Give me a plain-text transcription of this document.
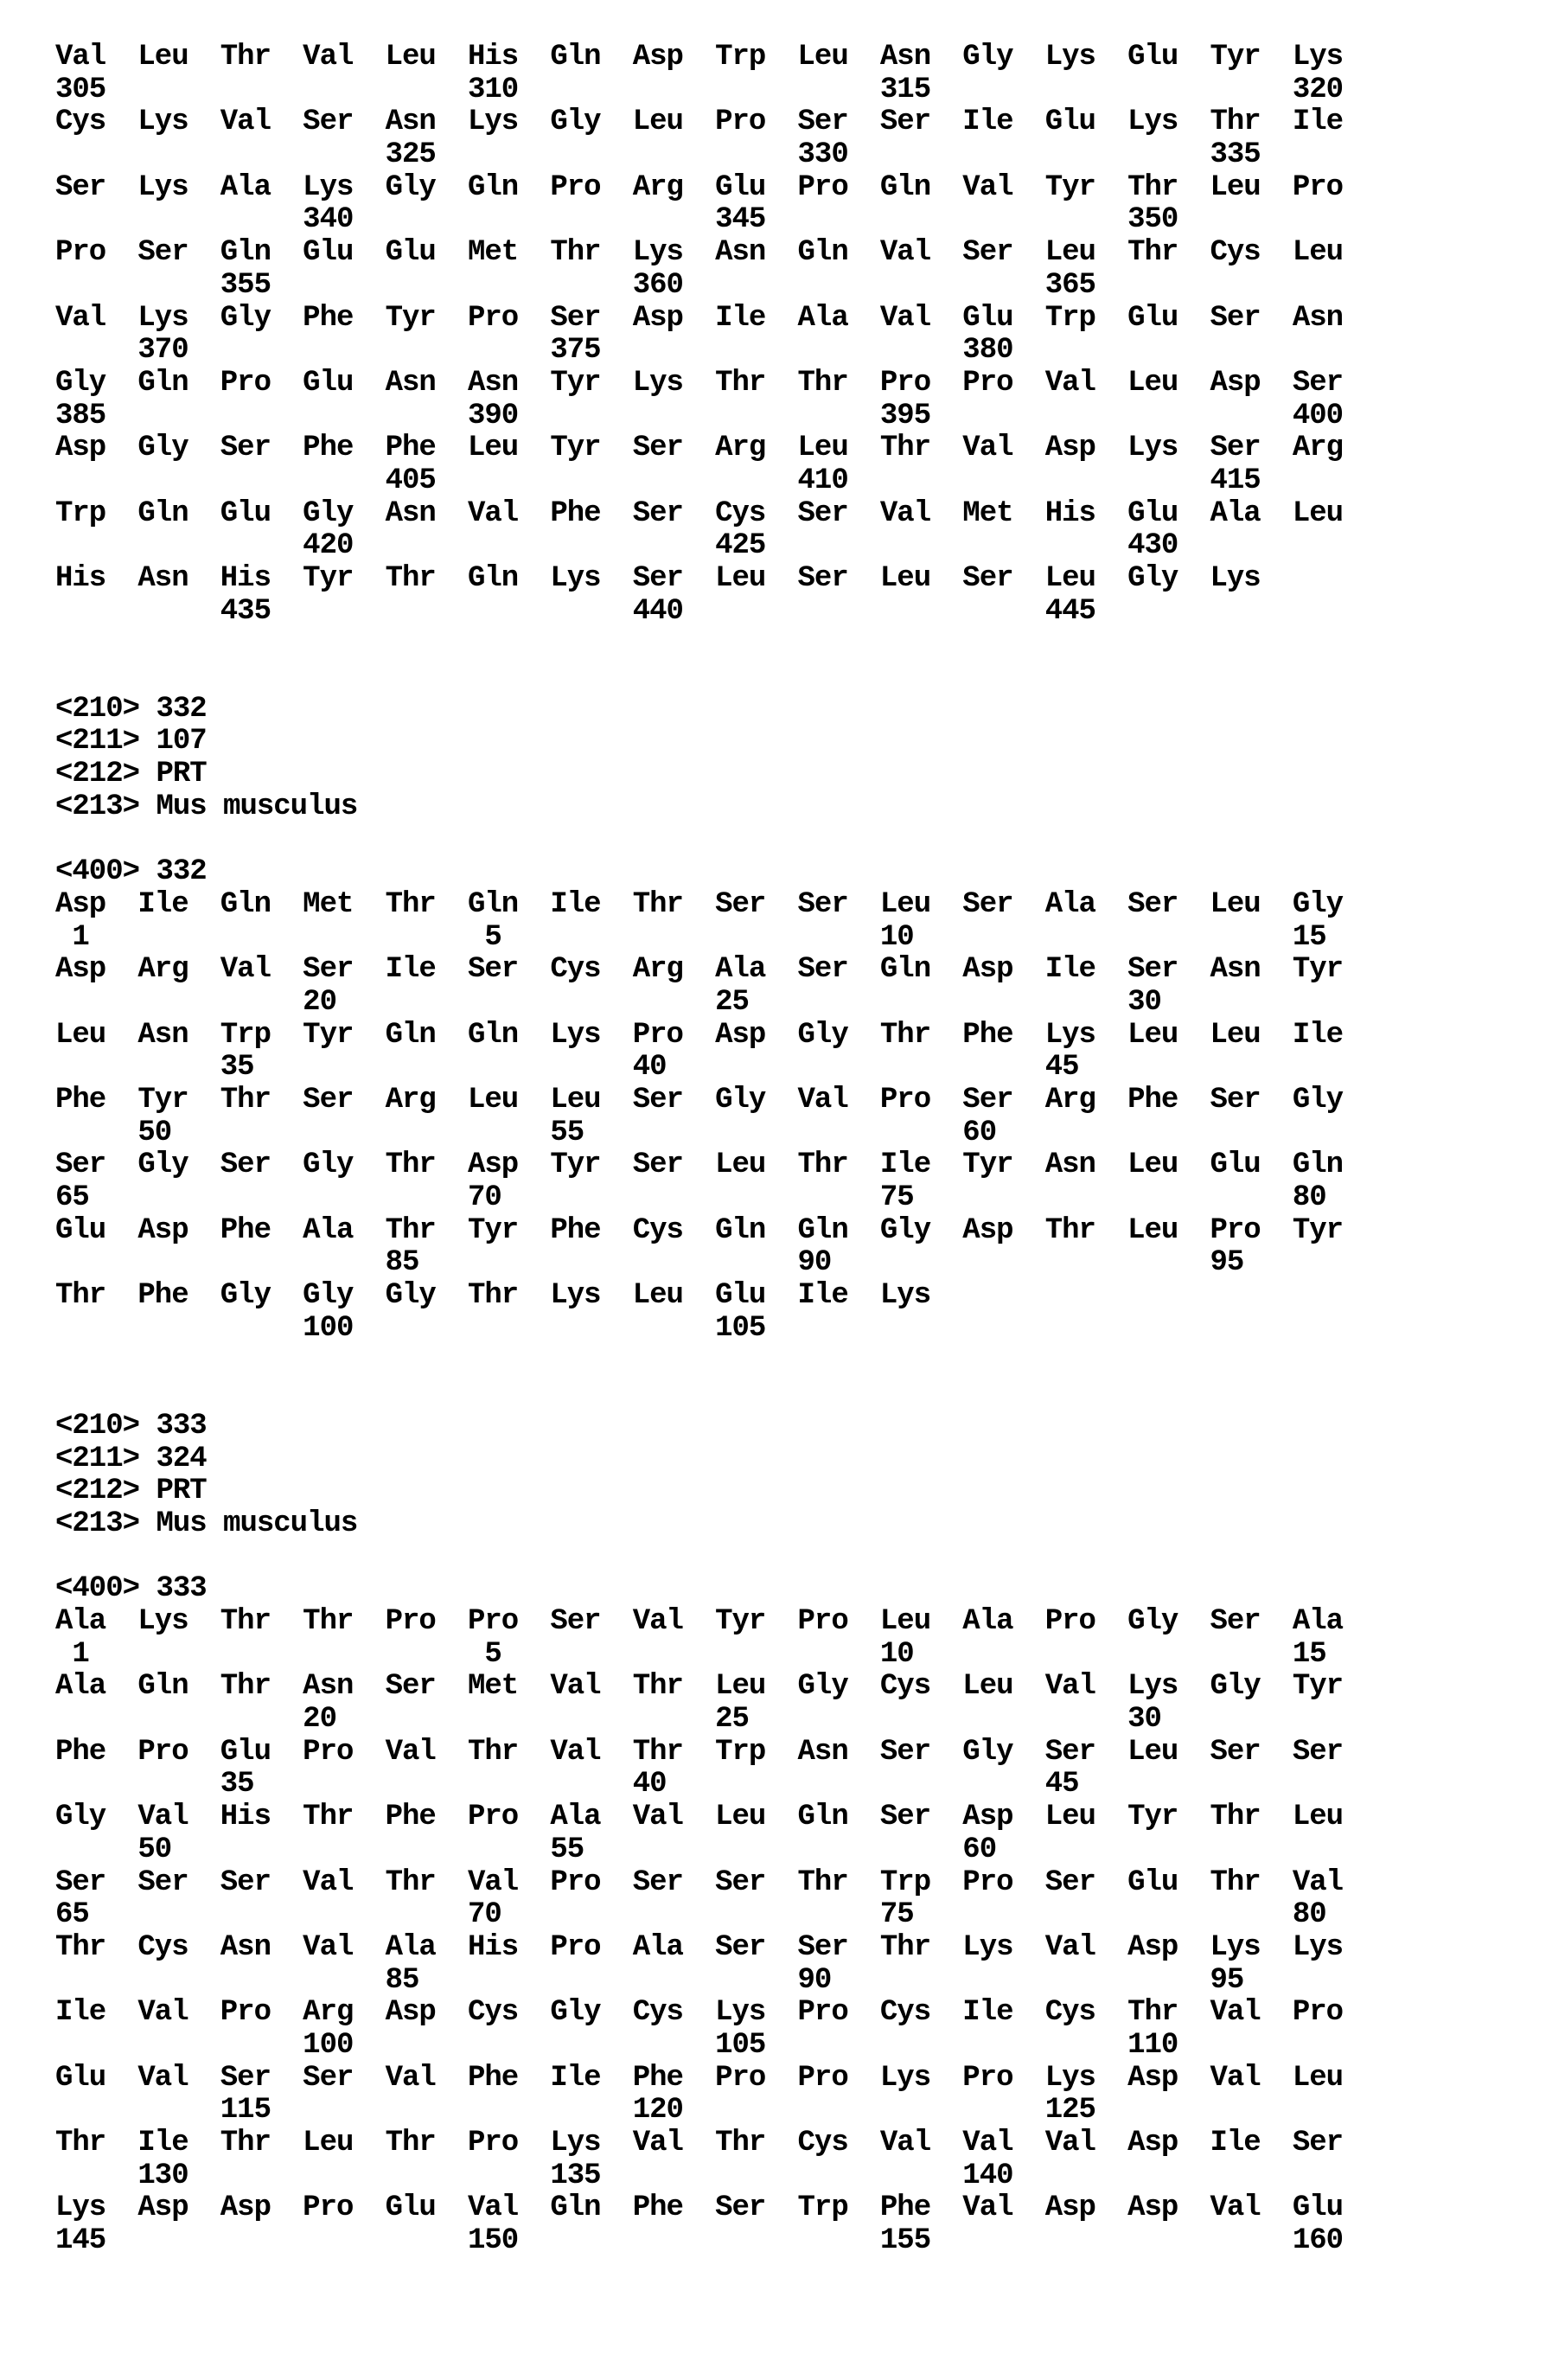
Val Leu Thr Val Leu His Gln Asp Trp Leu Asn Gly Lys Glu Tyr Lys
305	310	315	320
Cys Lys Val Ser Asn Lys Gly Leu Pro Ser Ser Ile Glu Lys Thr Ile
325	330	335
Ser Lys Ala Lys Gly Gln Pro Arg Glu Pro Gln Val Tyr Thr Leu Pro
340	345	350
Pro Ser Gln Glu Glu Met Thr Lys Asn Gln Val Ser Leu Thr Cys Leu
355	360	365
Val Lys Gly Phe Tyr Pro Ser Asp Ile Ala Val Glu Trp Glu Ser Asn
370	375	380
Gly Gln Pro Glu Asn Asn Tyr Lys Thr Thr Pro Pro Val Leu Asp Ser
385	390	395	400
Asp Gly Ser Phe Phe Leu Tyr Ser Arg Leu Thr Val Asp Lys Ser Arg
405	410	415
Trp Gln Glu Gly Asn Val Phe Ser Cys Ser Val Met His Glu Ala Leu
420	425	430
His Asn His Tyr Thr Gln Lys Ser Leu Ser Leu Ser Leu Gly Lys
435	440	445
<210> 332
<211> 107
<212> PRT
<213> Mus musculus
<400> 332
Asp Ile Gln Met Thr Gln Ile Thr Ser Ser Leu Ser Ala Ser Leu Gly
1	5	10	15
Asp Arg Val Ser Ile Ser Cys Arg Ala Ser Gln Asp Ile Ser Asn Tyr
20	25	30
Leu Asn Trp Tyr Gln Gln Lys Pro Asp Gly Thr Phe Lys Leu Leu Ile
35	40	45
Phe Tyr Thr Ser Arg Leu Leu Ser Gly Val Pro Ser Arg Phe Ser Gly
50	55	60
Ser Gly Ser Gly Thr Asp Tyr Ser Leu Thr Ile Tyr Asn Leu Glu Gln
65	70	75	80
Glu Asp Phe Ala Thr Tyr Phe Cys Gln Gln Gly Asp Thr Leu Pro Tyr
85	90	95
Thr Phe Gly Gly Gly Thr Lys Leu Glu Ile Lys
100	105
<210> 333
<211> 324
<212> PRT
<213> Mus musculus
<400> 333
Ala Lys Thr Thr Pro Pro Ser Val Tyr Pro Leu Ala Pro Gly Ser Ala
1	5	10	15
Ala Gln Thr Asn Ser Met Val Thr Leu Gly Cys Leu Val Lys Gly Tyr
20	25	30
Phe Pro Glu Pro Val Thr Val Thr Trp Asn Ser Gly Ser Leu Ser Ser
35	40	45
Gly Val His Thr Phe Pro Ala Val Leu Gln Ser Asp Leu Tyr Thr Leu
50	55	60
Ser Ser Ser Val Thr Val Pro Ser Ser Thr Trp Pro Ser Glu Thr Val
65	70	75	80
Thr Cys Asn Val Ala His Pro Ala Ser Ser Thr Lys Val Asp Lys Lys
85	90	95
Ile Val Pro Arg Asp Cys Gly Cys Lys Pro Cys Ile Cys Thr Val Pro
100	105	110
Glu Val Ser Ser Val Phe Ile Phe Pro Pro Lys Pro Lys Asp Val Leu
115	120	125
Thr Ile Thr Leu Thr Pro Lys Val Thr Cys Val Val Val Asp Ile Ser
130	135	140
Lys Asp Asp Pro Glu Val Gln Phe Ser Trp Phe Val Asp Asp Val Glu
145	150	155	160
